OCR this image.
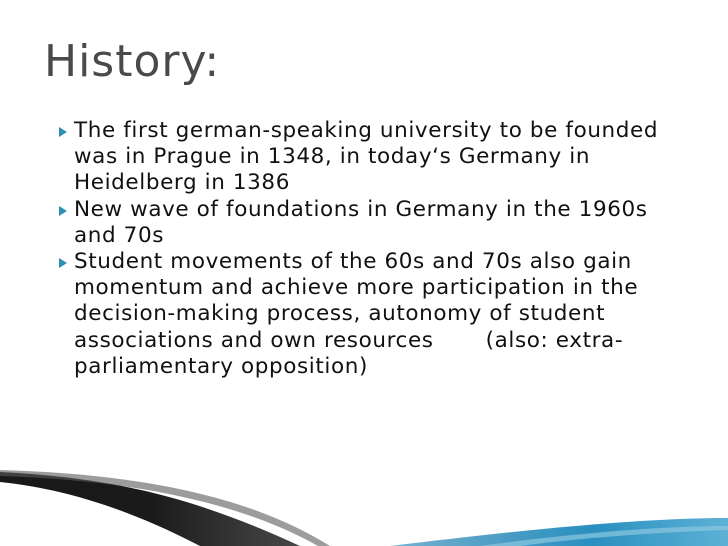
History:
The first german-speaking university to be founded was in Prague in 1348, in today‘s Germany in Heidelberg in 1386
New wave of foundations in Germany in the 1960s and 70s
Student movements of the 60s and 70s also gain momentum and achieve more participation in the decision-making process, autonomy of student associations and own resources       (also: extra-parliamentary opposition)
